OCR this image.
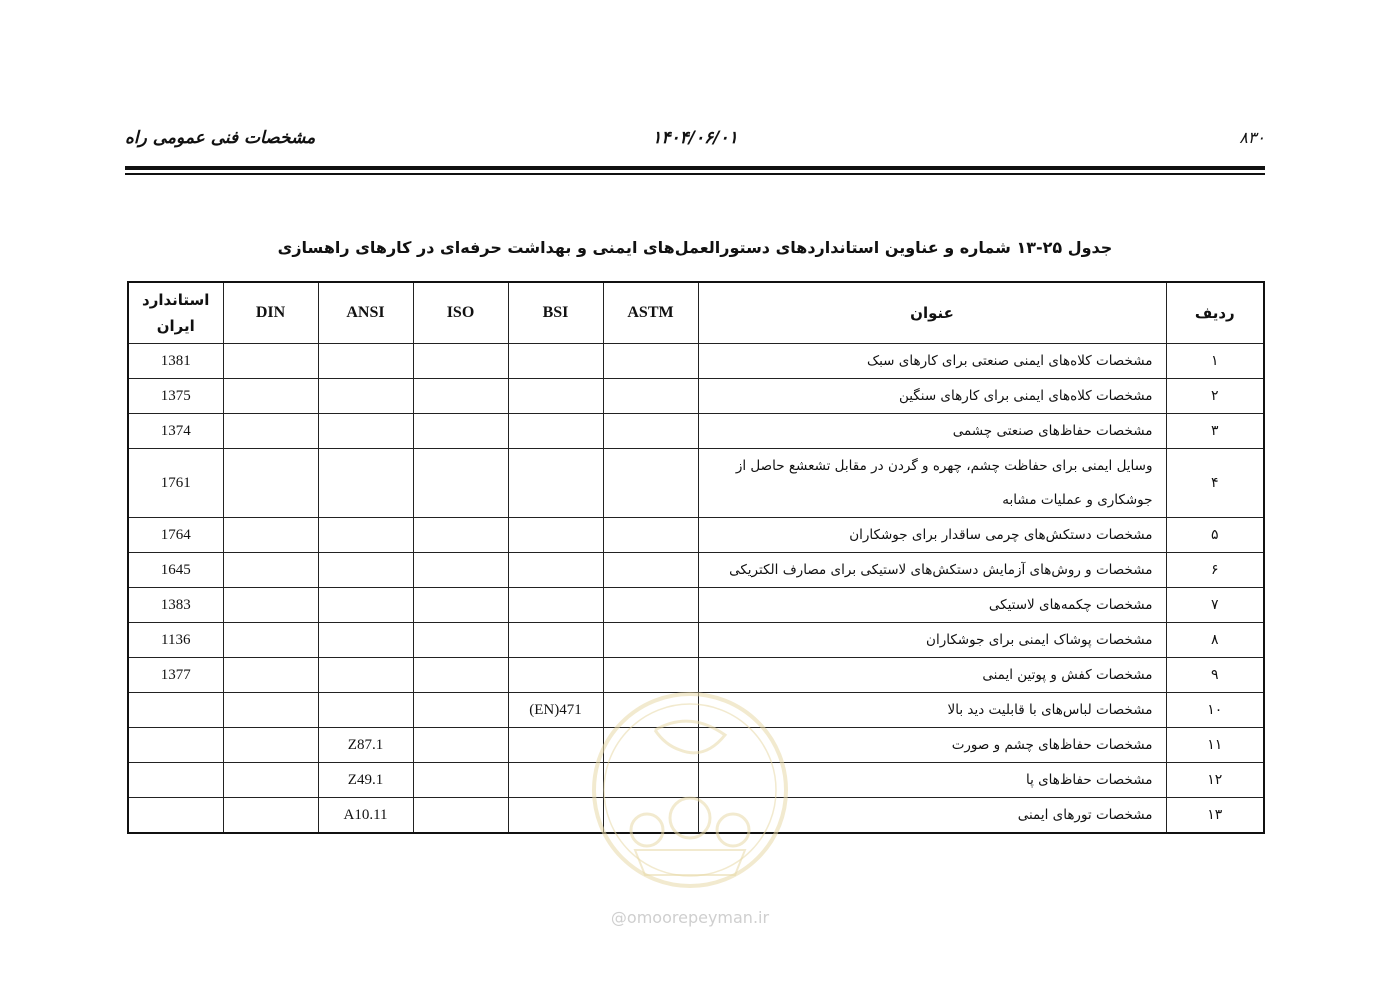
مشخصات فنی عمومی راه	۱۴۰۴/۰۶/۰۱	۸۳۰
جدول ۲۵-۱۳ شماره و عناوین استانداردهای دستورالعمل‌های ایمنی و بهداشت حرفه‌ای در کارهای راهسازی
استاندارد ایران	DIN	ANSI	ISO	BSI	ASTM	عنوان	ردیف
1381						مشخصات کلاه‌های ایمنی صنعتی برای کارهای سبک	۱
1375						مشخصات کلاه‌های ایمنی برای کارهای سنگین	۲
1374						مشخصات حفاظ‌های صنعتی چشمی	۳
1761						وسایل ایمنی برای حفاظت چشم، چهره و گردن در مقابل تشعشع حاصل از جوشکاری و عملیات مشابه	۴
1764						مشخصات دستکش‌های چرمی ساقدار برای جوشکاران	۵
1645						مشخصات و روش‌های آزمایش دستکش‌های لاستیکی برای مصارف الکتریکی	۶
1383						مشخصات چکمه‌های لاستیکی	۷
1136						مشخصات پوشاک ایمنی برای جوشکاران	۸
1377						مشخصات کفش و پوتین ایمنی	۹
				(EN)471		مشخصات لباس‌های با قابلیت دید بالا	۱۰
		Z87.1				مشخصات حفاظ‌های چشم و صورت	۱۱
		Z49.1				مشخصات حفاظ‌های پا	۱۲
		A10.11				مشخصات تورهای ایمنی	۱۳
@omoorepeyman.ir
